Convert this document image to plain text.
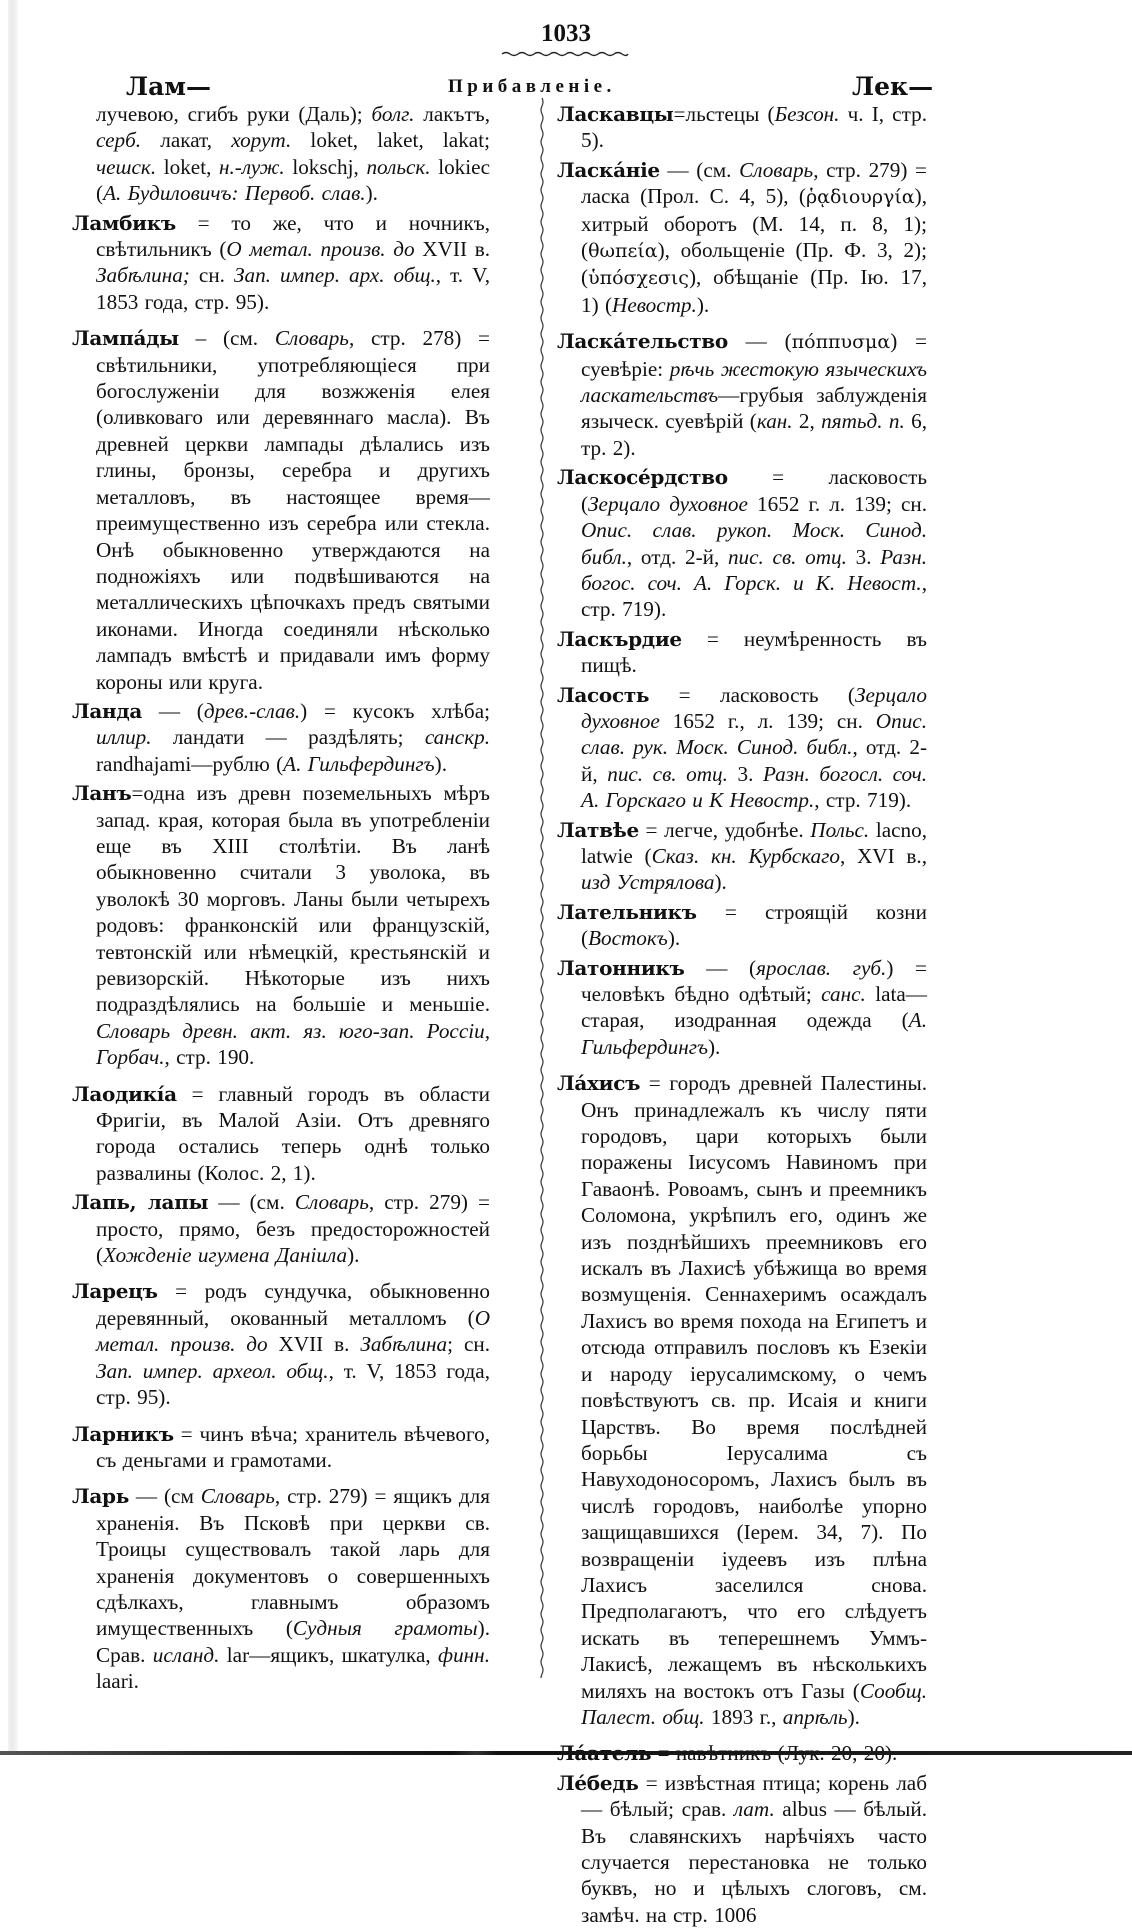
1033
Лам—	Прибавленіе.	Лек—

лучевою, сгибъ руки (Даль); болг. лакътъ, серб. лакат, хорут. loket, laket, lakat; чешск. loket, н.-луж. lokschj, польск. lokiec (А. Будиловичъ: Первоб. слав.).

Ламбикъ = то же, что и ночникъ, свѣтильникъ (О метал. произв. до XVII в. Забѣлина; сн. Зап. импер. арх. общ., т. V, 1853 года, стр. 95).

Лампа́ды – (см. Словарь, стр. 278) = свѣтильники, употребляющіеся при богослуженіи для возжженія елея (оливковаго или деревяннаго масла). Въ древней церкви лампады дѣлались изъ глины, бронзы, серебра и другихъ металловъ, въ настоящее время—преимущественно изъ серебра или стекла. Онѣ обыкновенно утверждаются на подножіяхъ или подвѣшиваются на металлическихъ цѣпочкахъ предъ святыми иконами. Иногда соединяли нѣсколько лампадъ вмѣстѣ и придавали имъ форму короны или круга.

Ланда — (древ.-слав.) = кусокъ хлѣба; иллир. ландати — раздѣлять; санскр. randhajami—рублю (А. Гильфердингъ).

Ланъ=одна изъ древн поземельныхъ мѣръ запад. края, которая была въ употребленіи еще въ XIII столѣтіи. Въ ланѣ обыкновенно считали 3 уволока, въ уволокѣ 30 морговъ. Ланы были четырехъ родовъ: франконскій или французскій, тевтонскій или нѣмецкій, крестьянскій и ревизорскій. Нѣкоторые изъ нихъ подраздѣлялись на большіе и меньшіе. Словарь древн. акт. яз. юго-зап. Россіи, Горбач., стр. 190.

Лаодикі́а = главный городъ въ области Фригіи, въ Малой Азіи. Отъ древняго города остались теперь однѣ только развалины (Колос. 2, 1).

Лапь, лапы — (см. Словарь, стр. 279) = просто, прямо, безъ предосторожностей (Хожденіе игумена Даніила).

Ларецъ = родъ сундучка, обыкновенно деревянный, окованный металломъ (О метал. произв. до XVII в. Забѣлина; сн. Зап. импер. археол. общ., т. V, 1853 года, стр. 95).

Ларникъ = чинъ вѣча; хранитель вѣчевого, съ деньгами и грамотами.

Ларь — (см Словарь, стр. 279) = ящикъ для храненія. Въ Псковѣ при церкви св. Троицы существовалъ такой ларь для храненія документовъ о совершенныхъ сдѣлкахъ, главнымъ образомъ имущественныхъ (Судныя грамоты). Срав. исланд. lar—ящикъ, шкатулка, финн. laari.

Ласкавцы=льстецы (Безсон. ч. I, стр. 5).

Ласка́ніе — (см. Словарь, стр. 279) = ласка (Прол. С. 4, 5), (ῥᾳδιουργία), хитрый оборотъ (М. 14, п. 8, 1); (θωπεία), обольщеніе (Пр. Ф. 3, 2); (ὑπόσχεσις), обѣщаніе (Пр. Ію. 17, 1) (Невостр.).

Ласка́тельство — (πόππυσμα) = суевѣріе: рѣчь жестокую языческихъ ласкательствъ—грубыя заблужденія языческ. суевѣрій (кан. 2, пятьд. п. 6, тр. 2).

Ласкосе́рдство = ласковость (Зерцало духовное 1652 г. л. 139; сн. Опис. слав. рукоп. Моск. Синод. библ., отд. 2-й, пис. св. отц. 3. Разн. богос. соч. А. Горск. и К. Невост., стр. 719).

Ласкърдие = неумѣренность въ пищѣ.

Ласость = ласковость (Зерцало духовное 1652 г., л. 139; сн. Опис. слав. рук. Моск. Синод. библ., отд. 2-й, пис. св. отц. 3. Разн. богосл. соч. А. Горскаго и К Невостр., стр. 719).

Латвѣе = легче, удобнѣе. Польс. lacno, latwie (Сказ. кн. Курбскаго, XVI в., изд Устрялова).

Лательникъ = строящій козни (Востокъ).

Латонникъ — (ярослав. губ.) = человѣкъ бѣдно одѣтый; санс. lata—старая, изодранная одежда (А. Гильфердингъ).

Ла́хисъ = городъ древней Палестины. Онъ принадлежалъ къ числу пяти городовъ, цари которыхъ были поражены Іисусомъ Навиномъ при Гаваонѣ. Ровоамъ, сынъ и преемникъ Соломона, укрѣпилъ его, одинъ же изъ позднѣйшихъ преемниковъ его искалъ въ Лахисѣ убѣжища во время возмущенія. Сеннахеримъ осаждалъ Лахисъ во время похода на Египетъ и отсюда отправилъ пословъ къ Езекіи и народу іерусалимскому, о чемъ повѣствуютъ св. пр. Исаія и книги Царствъ. Во время послѣдней борьбы Іерусалима съ Навуходоносоромъ, Лахисъ былъ въ числѣ городовъ, наиболѣе упорно защищавшихся (Іерем. 34, 7). По возвращеніи іудеевъ изъ плѣна Лахисъ заселился снова. Предполагаютъ, что его слѣдуетъ искать въ теперешнемъ Уммъ-Лакисѣ, лежащемъ въ нѣсколькихъ миляхъ на востокъ отъ Газы (Сообщ. Палест. общ. 1893 г., апрѣль).

Ле́бедь = извѣстная птица; корень лаб — бѣлый; срав. лат. albus — бѣлый. Въ славянскихъ нарѣчіяхъ часто случается перестановка не только буквъ, но и цѣлыхъ слоговъ, см. замѣч. на стр. 1006
